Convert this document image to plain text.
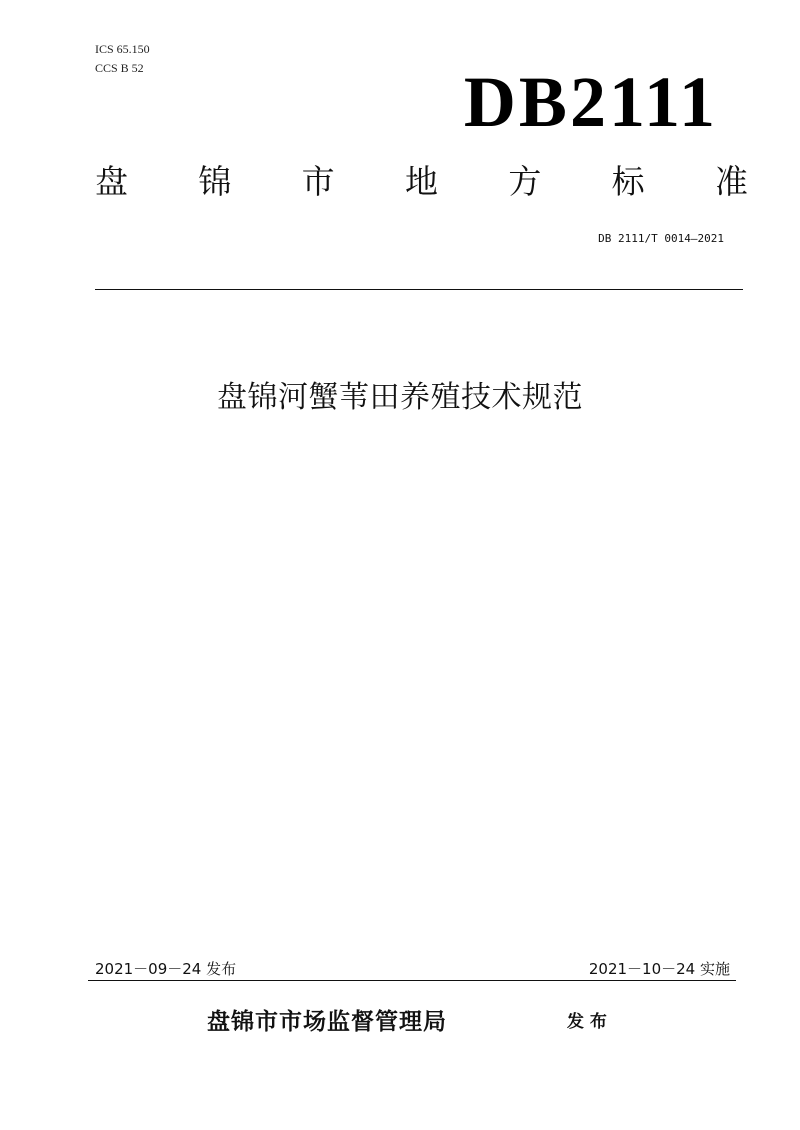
ICS 65.150
CCS B 52	DB2111
盘 锦 市 地 方 标 准
DB 2111/T 0014—2021
盘锦河蟹苇田养殖技术规范
2021－09－24 发布	2021－10－24 实施
盘锦市市场监督管理局	发 布
